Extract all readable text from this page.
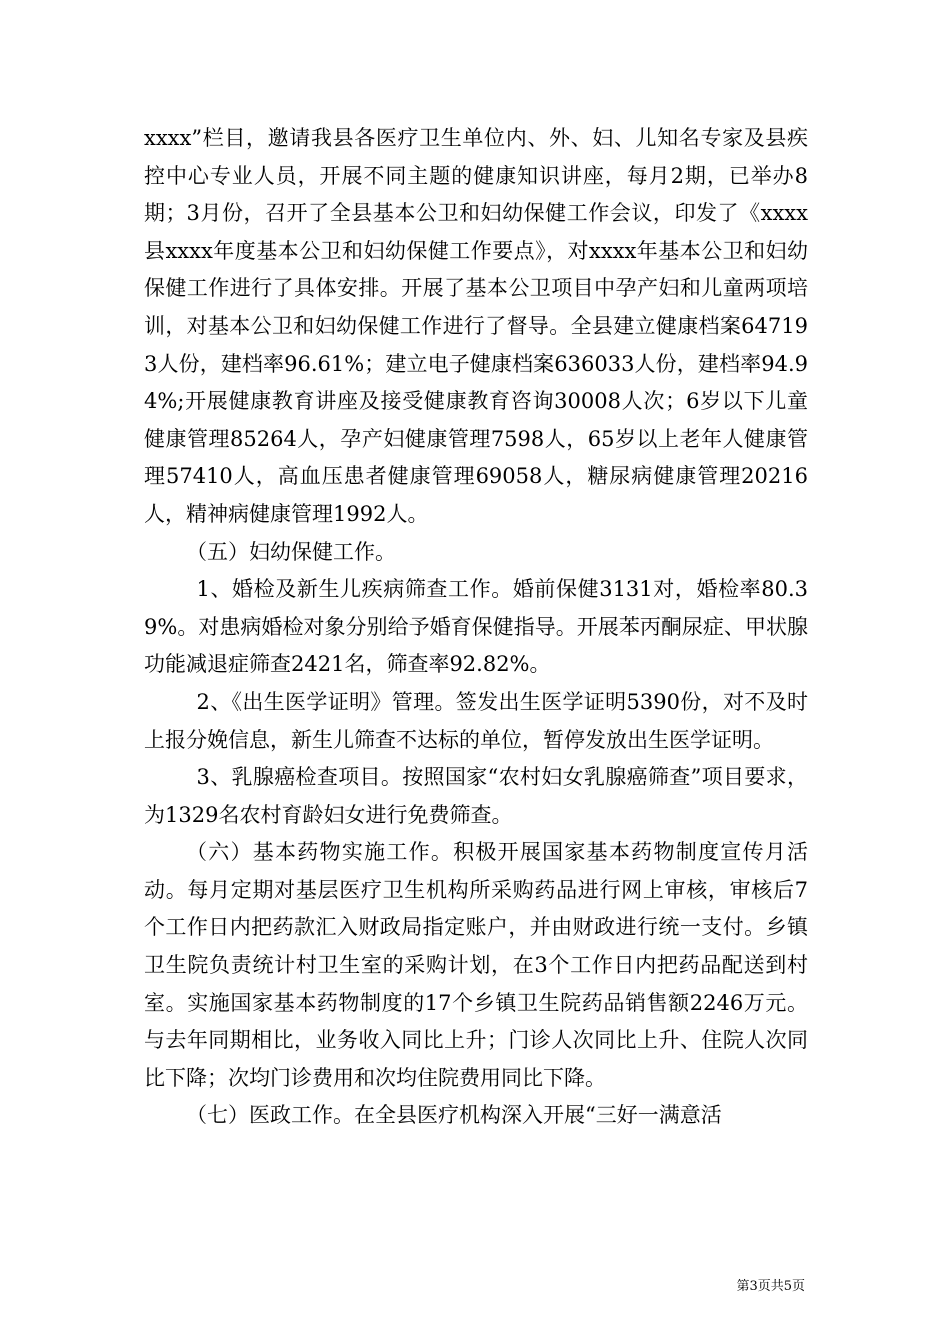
xxxx”栏目，邀请我县各医疗卫生单位内、外、妇、儿知名专家及县疾控中心专业人员，开展不同主题的健康知识讲座，每月2期，已举办8期；3月份，召开了全县基本公卫和妇幼保健工作会议，印发了《xxxx县xxxx年度基本公卫和妇幼保健工作要点》，对xxxx年基本公卫和妇幼保健工作进行了具体安排。开展了基本公卫项目中孕产妇和儿童两项培训，对基本公卫和妇幼保健工作进行了督导。全县建立健康档案647193人份，建档率96.61%；建立电子健康档案636033人份，建档率94.94%;开展健康教育讲座及接受健康教育咨询30008人次；6岁以下儿童健康管理85264人，孕产妇健康管理7598人，65岁以上老年人健康管理57410人，高血压患者健康管理69058人，糖尿病健康管理20216人，精神病健康管理1992人。

（五）妇幼保健工作。

1、婚检及新生儿疾病筛查工作。婚前保健3131对，婚检率80.39%。对患病婚检对象分别给予婚育保健指导。开展苯丙酮尿症、甲状腺功能减退症筛查2421名，筛查率92.82%。

2、《出生医学证明》管理。签发出生医学证明5390份，对不及时上报分娩信息，新生儿筛查不达标的单位，暂停发放出生医学证明。

3、乳腺癌检查项目。按照国家“农村妇女乳腺癌筛查”项目要求，为1329名农村育龄妇女进行免费筛查。

（六）基本药物实施工作。积极开展国家基本药物制度宣传月活动。每月定期对基层医疗卫生机构所采购药品进行网上审核，审核后7个工作日内把药款汇入财政局指定账户，并由财政进行统一支付。乡镇卫生院负责统计村卫生室的采购计划，在3个工作日内把药品配送到村室。实施国家基本药物制度的17个乡镇卫生院药品销售额2246万元。与去年同期相比，业务收入同比上升；门诊人次同比上升、住院人次同比下降；次均门诊费用和次均住院费用同比下降。

（七）医政工作。在全县医疗机构深入开展“三好一满意活

第3页共5页
